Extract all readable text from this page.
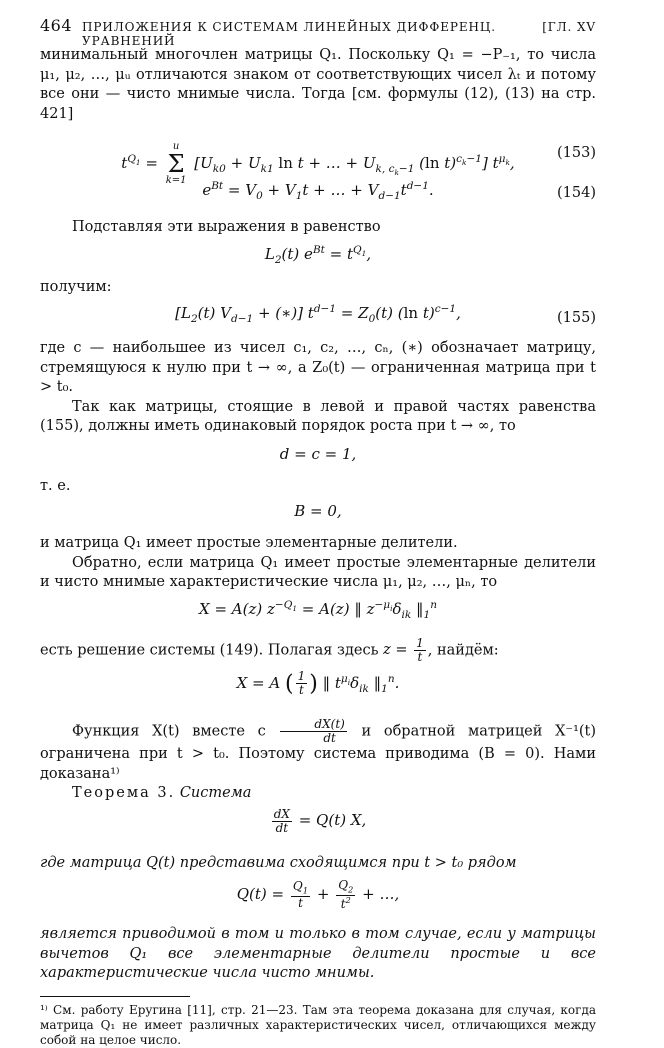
464 ПРИЛОЖЕНИЯ К СИСТЕМАМ ЛИНЕЙНЫХ ДИФФЕРЕНЦ. УРАВНЕНИЙ
[ГЛ. XV

минимальный многочлен матрицы Q₁. Поскольку Q₁ = −P₋₁, то числа μ₁, μ₂, …, μᵤ отличаются знаком от соответствующих чисел λₜ и потому все они — чисто мнимые числа. Тогда [см. формулы (12), (13) на стр. 421]

$t^{Q_1}$ =
u
Σ
k=1
[$U_{k0} + U_{k1}$ ln t + … + $U_{k, c_k-1}$ (ln t)$^{c_k-1}$] $t^{\mu_k}$,
(153)
$e^{Bt} = V_0 + V_1t$ + … + $V_{d-1}t^{d-1}$.	(154)

Подставляя эти выражения в равенство

$L_2(t) e^{Bt} = t^{Q_1}$,

получим:

[$L_2(t) V_{d-1}$ + (∗)] $t^{d-1} = Z_0(t)$ (ln t)$^{c-1}$,	(155)

где c — наибольшее из чисел c₁, c₂, …, cₙ, (∗) обозначает матрицу, стремящуюся к нулю при t → ∞, а Z₀(t) — ограниченная матрица при t > t₀.

Так как матрицы, стоящие в левой и правой частях равенства (155), должны иметь одинаковый порядок роста при t → ∞, то

d = c = 1,

т. е.

B = 0,

и матрица Q₁ имеет простые элементарные делители.

Обратно, если матрица Q₁ имеет простые элементарные делители и чисто мнимые характеристические числа μ₁, μ₂, …, μₙ, то

X = A(z) $z^{-Q_1} = A(z)$ ‖ $z^{-\mu_i}\delta_{ik}$ $‖_1^n$

есть решение системы (149). Полагая здесь $z = \frac{1}{t}$ , найдём:

X = A ( $\frac{1}{t}$ ) ‖ $t^{\mu_i}\delta_{ik}$ $‖_1^n$.

Функция X(t) вместе с $\frac{dX(t)}{dt}$ и обратной матрицей X⁻¹(t) ограничена при t > t₀. Поэтому система приводима (B = 0). Нами доказана¹⁾

Теорема 3. Система

$\frac{dX}{dt} = Q(t)$ X,

где матрица Q(t) представима сходящимся при t > t₀ рядом

$Q(t) = \frac{Q_1}{t} + \frac{Q_2}{t^2}$ + …,

является приводимой в том и только в том случае, если у матрицы вычетов Q₁ все элементарные делители простые и все характеристические числа чисто мнимы.

¹⁾ См. работу Еругина [11], стр. 21—23. Там эта теорема доказана для случая, когда матрица Q₁ не имеет различных характеристических чисел, отличающихся между собой на целое число.
